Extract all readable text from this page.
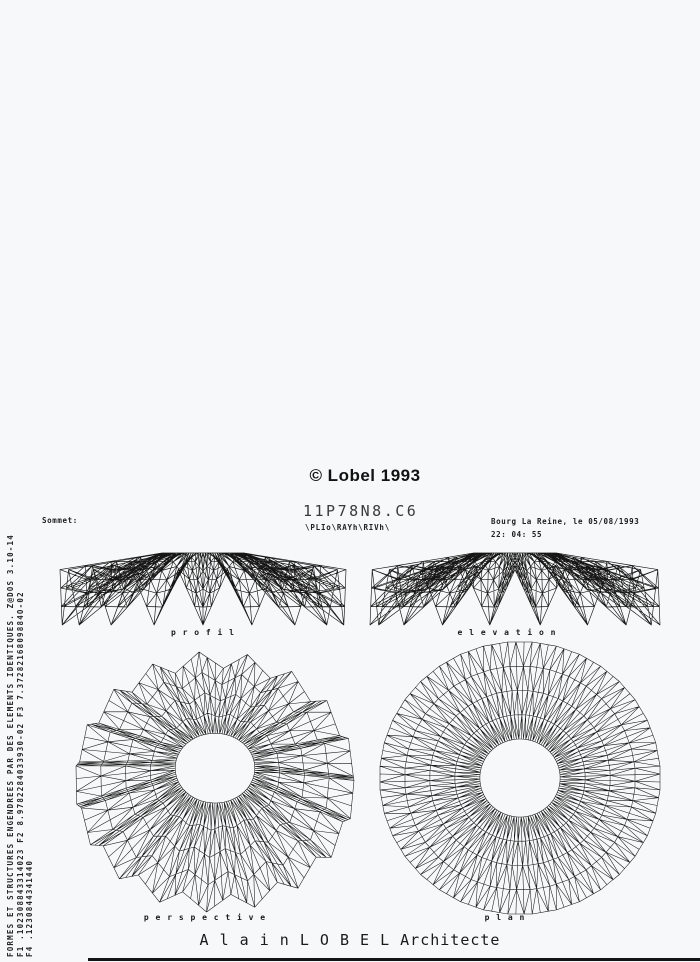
© Lobel 1993
Sommet:
11P78N8.C6
\PLIo\RAYh\RIVh\
Bourg La Reine, le 05/08/1993
22: 04: 55
p r o f i l	e l e v a t i o n
p e r s p e c t i v e	p l a n
A l a i n L O B E L Architecte
FORMES ET STRUCTURES ENGENDREES PAR DES ELEMENTS IDENTIQUES. Z@DOS 3.10-14 F1 .102308843314023 F2 8.9782284033930-02 F3 7.3728216809884O-02 F4 .1230844341440
